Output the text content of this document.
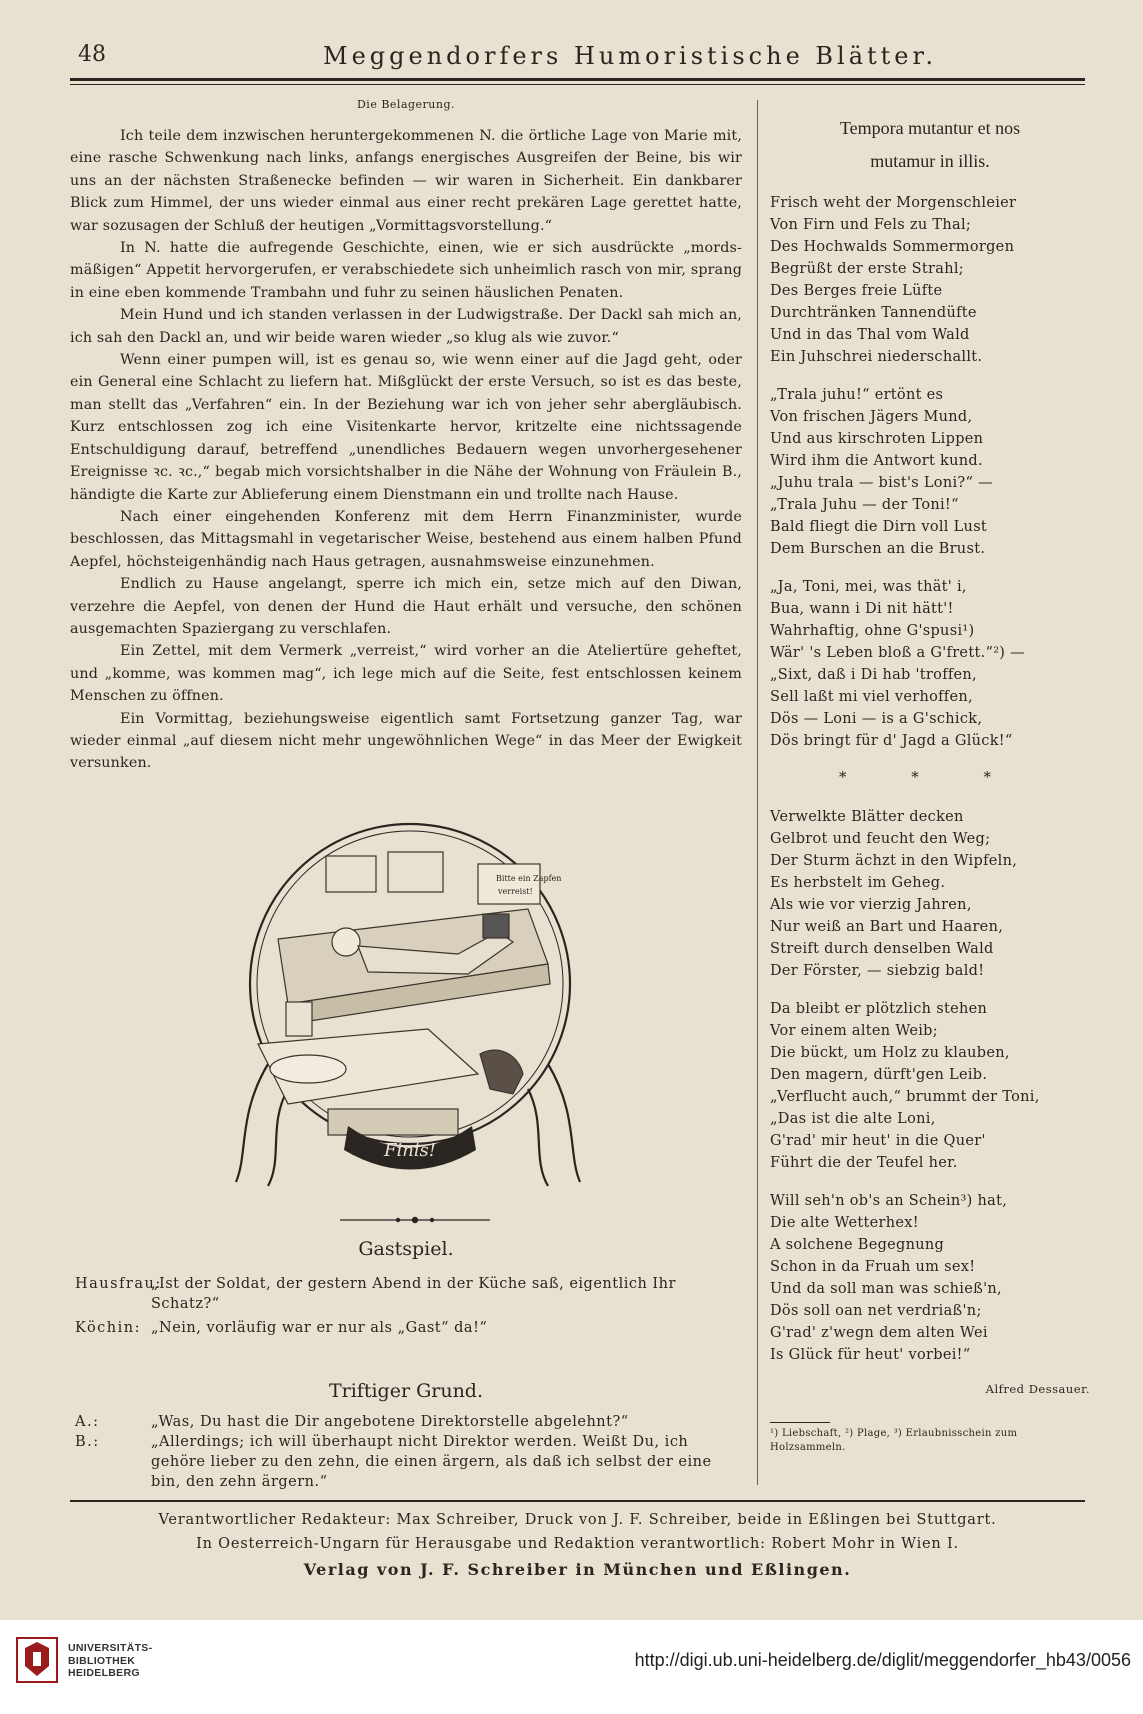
48	Meggendorfers Humoristische Blätter.
Die Belagerung.

Ich teile dem inzwischen heruntergekommenen N. die örtliche Lage von Marie mit, eine rasche Schwenkung nach links, anfangs energisches Ausgreifen der Beine, bis wir uns an der nächsten Straßenecke befinden — wir waren in Sicherheit. Ein dankbarer Blick zum Himmel, der uns wieder einmal aus einer recht prekären Lage gerettet hatte, war sozusagen der Schluß der heutigen „Vormittagsvorstellung.“

In N. hatte die aufregende Geschichte, einen, wie er sich ausdrückte „mords-mäßigen“ Appetit hervorgerufen, er verabschiedete sich unheimlich rasch von mir, sprang in eine eben kommende Trambahn und fuhr zu seinen häuslichen Penaten.

Mein Hund und ich standen verlassen in der Ludwigstraße. Der Dackl sah mich an, ich sah den Dackl an, und wir beide waren wieder „so klug als wie zuvor.“

Wenn einer pumpen will, ist es genau so, wie wenn einer auf die Jagd geht, oder ein General eine Schlacht zu liefern hat. Mißglückt der erste Versuch, so ist es das beste, man stellt das „Verfahren“ ein. In der Beziehung war ich von jeher sehr abergläubisch. Kurz entschlossen zog ich eine Visitenkarte hervor, kritzelte eine nichtssagende Entschuldigung darauf, betreffend „unendliches Bedauern wegen unvorhergesehener Ereignisse ꝛc. ꝛc.,“ begab mich vorsichtshalber in die Nähe der Wohnung von Fräulein B., händigte die Karte zur Ablieferung einem Dienstmann ein und trollte nach Hause.

Nach einer eingehenden Konferenz mit dem Herrn Finanzminister, wurde beschlossen, das Mittagsmahl in vegetarischer Weise, bestehend aus einem halben Pfund Aepfel, höchsteigenhändig nach Haus getragen, ausnahmsweise einzunehmen.

Endlich zu Hause angelangt, sperre ich mich ein, setze mich auf den Diwan, verzehre die Aepfel, von denen der Hund die Haut erhält und versuche, den schönen ausgemachten Spaziergang zu verschlafen.

Ein Zettel, mit dem Vermerk „verreist,“ wird vorher an die Ateliertüre geheftet, und „komme, was kommen mag“, ich lege mich auf die Seite, fest entschlossen keinem Menschen zu öffnen.

Ein Vormittag, beziehungsweise eigentlich samt Fortsetzung ganzer Tag, war wieder einmal „auf diesem nicht mehr ungewöhnlichen Wege“ in das Meer der Ewigkeit versunken.

Bitte ein Zapfen
verreist!
Finis!
Gastspiel.
Hausfrau:
„Ist der Soldat, der gestern Abend in der Küche saß, eigentlich Ihr Schatz?“
Köchin: „Nein, vorläufig war er nur als „Gast“ da!“
Triftiger Grund.
A.:	„Was, Du hast die Dir angebotene Direktorstelle abgelehnt?“
B.:	„Allerdings; ich will überhaupt nicht Direktor werden. Weißt Du, ich gehöre lieber zu den zehn, die einen ärgern, als daß ich selbst der eine bin, den zehn ärgern.“
Tempora mutantur et nos
mutamur in illis.
Frisch weht der Morgenschleier
Von Firn und Fels zu Thal;
Des Hochwalds Sommermorgen
Begrüßt der erste Strahl;
Des Berges freie Lüfte
Durchtränken Tannendüfte
Und in das Thal vom Wald
Ein Juhschrei niederschallt.
„Trala juhu!“ ertönt es
Von frischen Jägers Mund,
Und aus kirschroten Lippen
Wird ihm die Antwort kund.
„Juhu trala — bist's Loni?“ —
„Trala Juhu — der Toni!“
Bald fliegt die Dirn voll Lust
Dem Burschen an die Brust.
„Ja, Toni, mei, was thät' i,
Bua, wann i Di nit hätt'!
Wahrhaftig, ohne G'spusi¹)
Wär' 's Leben bloß a G'frett.“²) —
„Sixt, daß i Di hab 'troffen,
Sell laßt mi viel verhoffen,
Dös — Loni — is a G'schick,
Dös bringt für d' Jagd a Glück!“
* * *
Verwelkte Blätter decken
Gelbrot und feucht den Weg;
Der Sturm ächzt in den Wipfeln,
Es herbstelt im Geheg.
Als wie vor vierzig Jahren,
Nur weiß an Bart und Haaren,
Streift durch denselben Wald
Der Förster, — siebzig bald!
Da bleibt er plötzlich stehen
Vor einem alten Weib;
Die bückt, um Holz zu klauben,
Den magern, dürft'gen Leib.
„Verflucht auch,“ brummt der Toni,
„Das ist die alte Loni,
G'rad' mir heut' in die Quer'
Führt die der Teufel her.
Will seh'n ob's an Schein³) hat,
Die alte Wetterhex!
A solchene Begegnung
Schon in da Fruah um sex!
Und da soll man was schieß'n,
Dös soll oan net verdriaß'n;
G'rad' z'wegn dem alten Wei
Is Glück für heut' vorbei!“
Alfred Dessauer.
¹) Liebschaft, ²) Plage, ³) Erlaubnisschein zum Holzsammeln.
Verantwortlicher Redakteur: Max Schreiber, Druck von J. F. Schreiber, beide in Eßlingen bei Stuttgart.
In Oesterreich-Ungarn für Herausgabe und Redaktion verantwortlich: Robert Mohr in Wien I.
Verlag von J. F. Schreiber in München und Eßlingen.
UNIVERSITÄTS-
BIBLIOTHEK
HEIDELBERG
http://digi.ub.uni-heidelberg.de/diglit/meggendorfer_hb43/0056
